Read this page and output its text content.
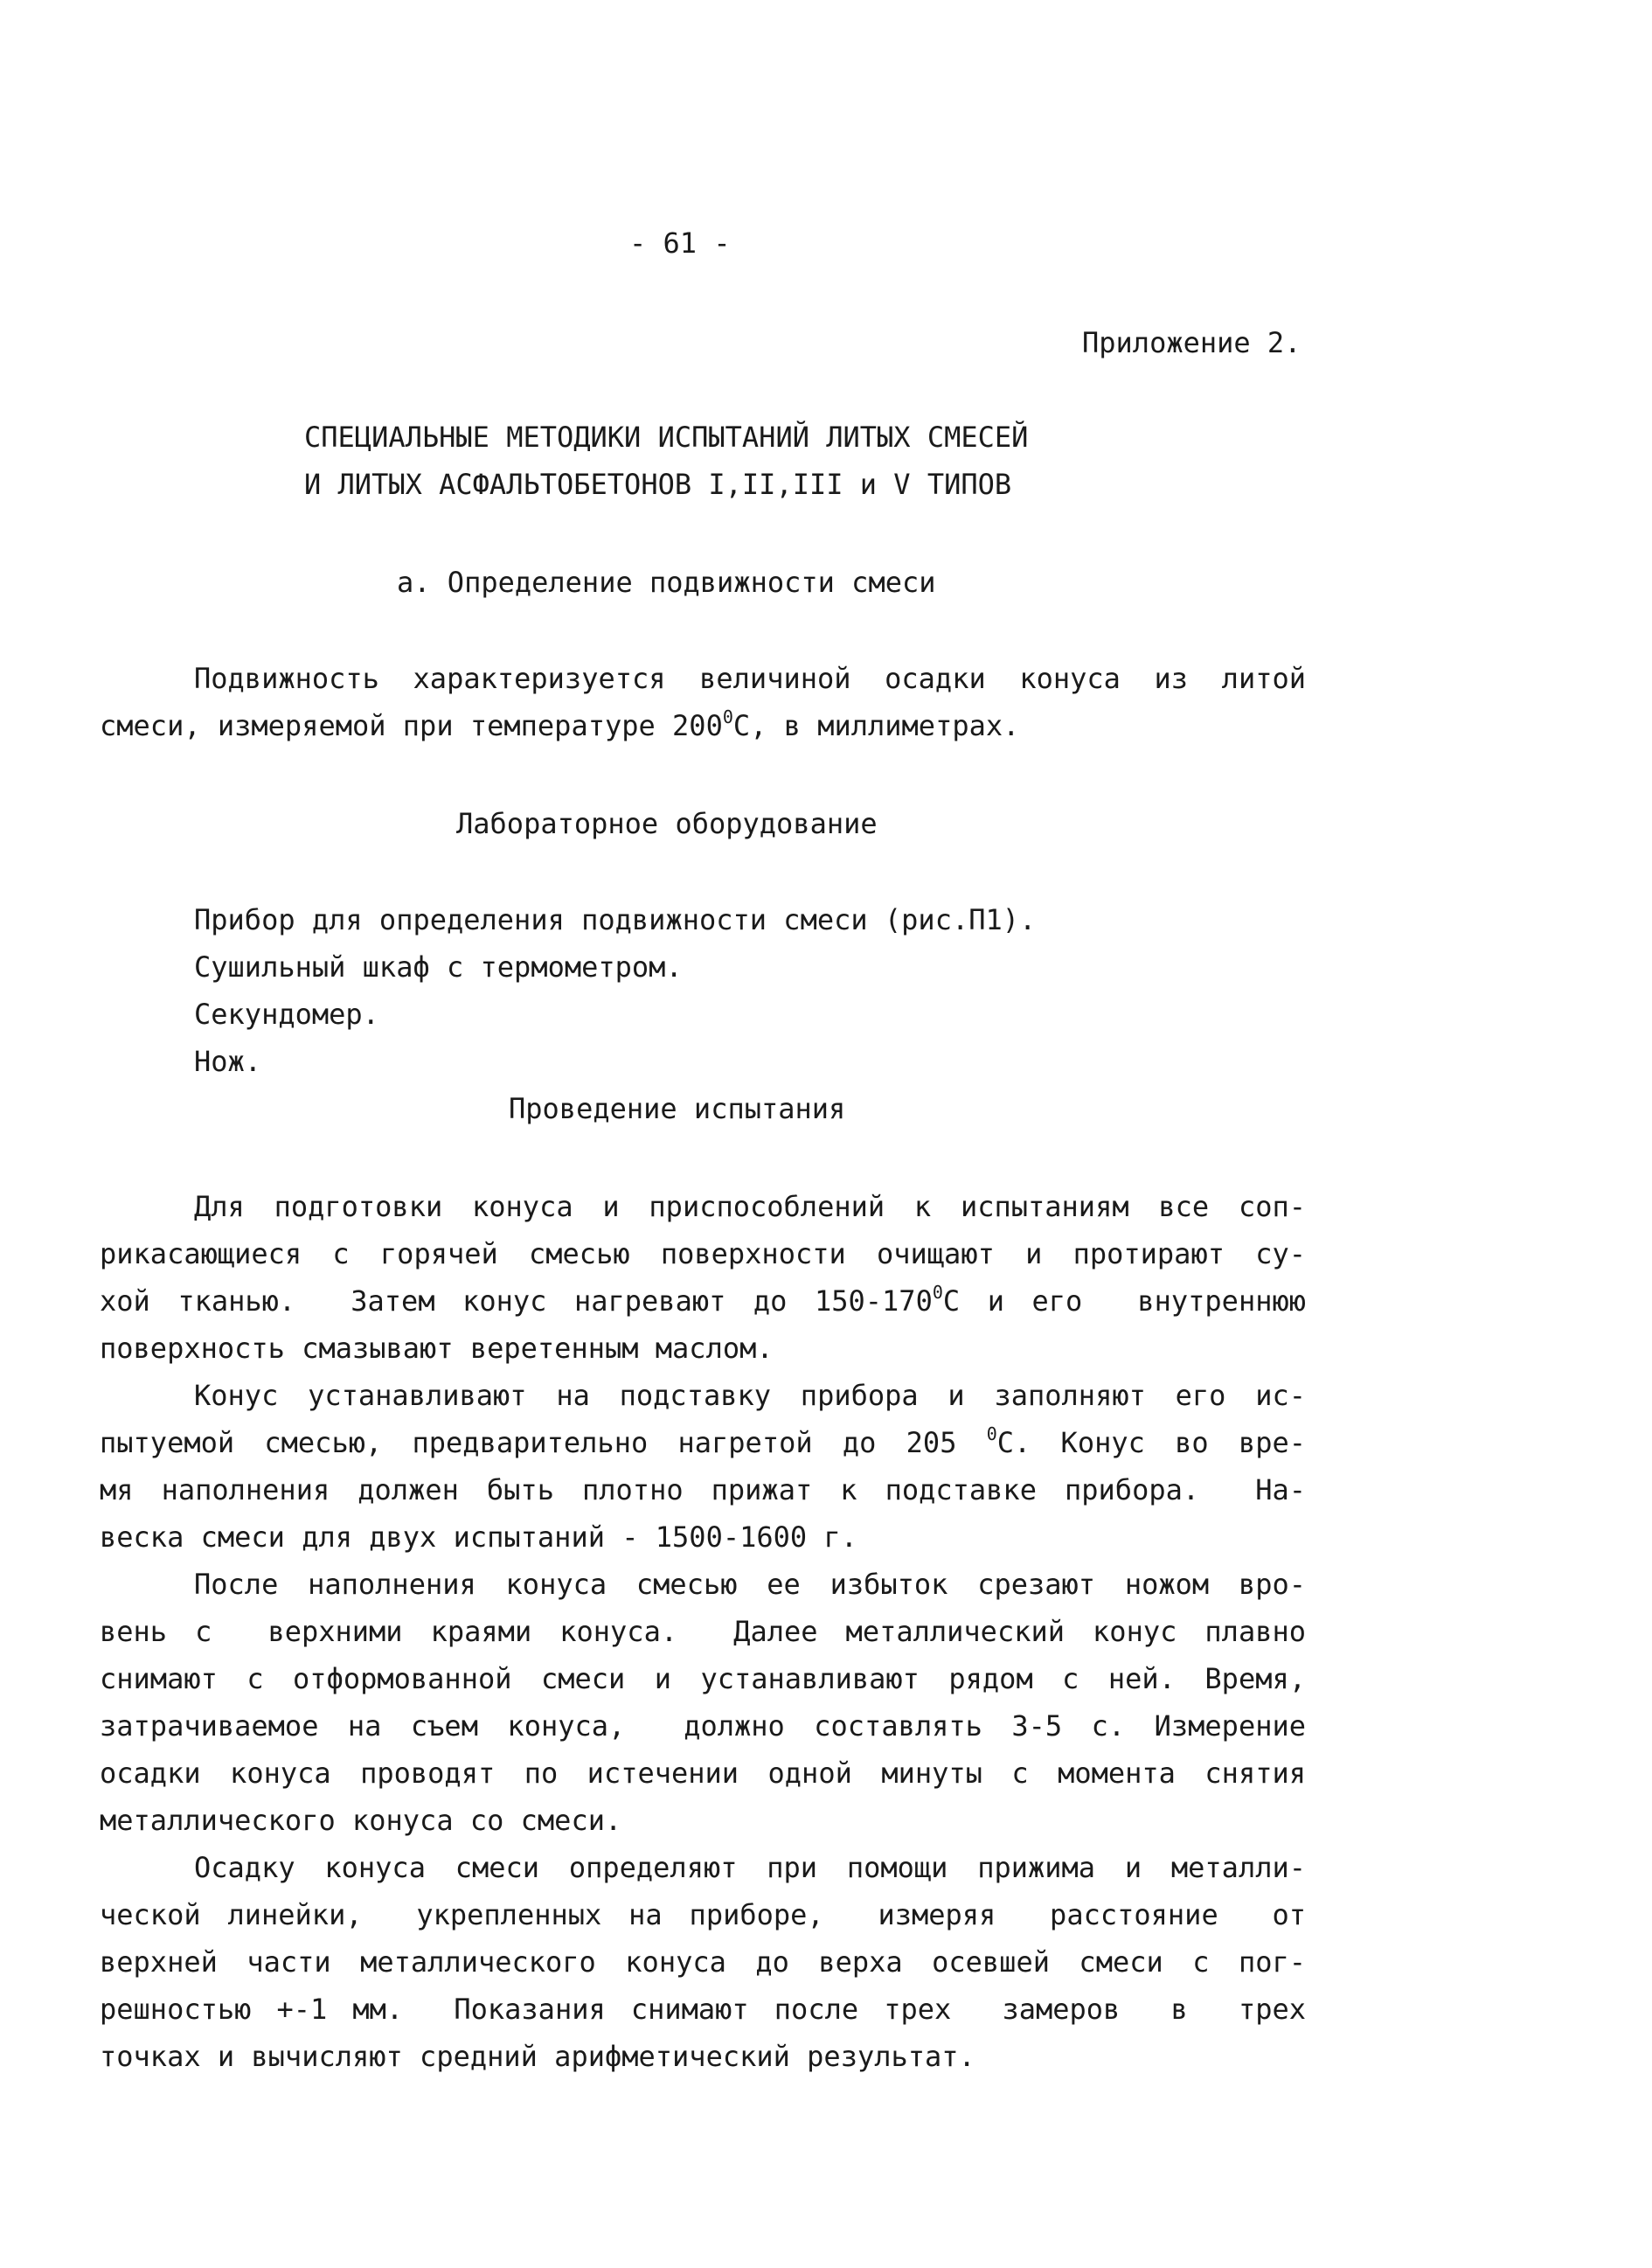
- 61 -
Приложение 2.
СПЕЦИАЛЬНЫЕ МЕТОДИКИ ИСПЫТАНИЙ ЛИТЫХ СМЕСЕЙ
И ЛИТЫХ АСФАЛЬТОБЕТОНОВ I,II,III и V ТИПОВ
а. Определение подвижности смеси
Подвижность характеризуется величиной осадки конуса из литой
смеси, измеряемой при температуре $200^0C$, в миллиметрах.
Лабораторное оборудование
Прибор для определения подвижности смеси (рис.П1).
Сушильный шкаф с термометром.
Секундомер.
Нож.
Проведение испытания
Для подготовки конуса и приспособлений к испытаниям все соп-
рикасающиеся с горячей смесью поверхности очищают и протирают су-
хой тканью.  Затем конус нагревают до $150-170^0C$ и его  внутреннюю
поверхность смазывают веретенным маслом.
Конус устанавливают на подставку прибора и заполняют его ис-
пытуемой смесью, предварительно нагретой до 205 $^0$C. Конус во вре-
мя наполнения должен быть плотно прижат к подставке прибора.  На-
веска смеси для двух испытаний - 1500-1600 г.
После наполнения конуса смесью ее избыток срезают ножом вро-
вень с  верхними краями конуса.  Далее металлический конус плавно
снимают с отформованной смеси и устанавливают рядом с ней. Время,
затрачиваемое на съем конуса,  должно составлять 3-5 с. Измерение
осадки конуса проводят по истечении одной минуты с момента снятия
металлического конуса со смеси.
Осадку конуса смеси определяют при помощи прижима и металли-
ческой линейки,  укрепленных на приборе,  измеряя  расстояние  от
верхней части металлического конуса до верха осевшей смеси с пог-
решностью +-1 мм.  Показания снимают после трех  замеров  в  трех
точках и вычисляют средний арифметический результат.
